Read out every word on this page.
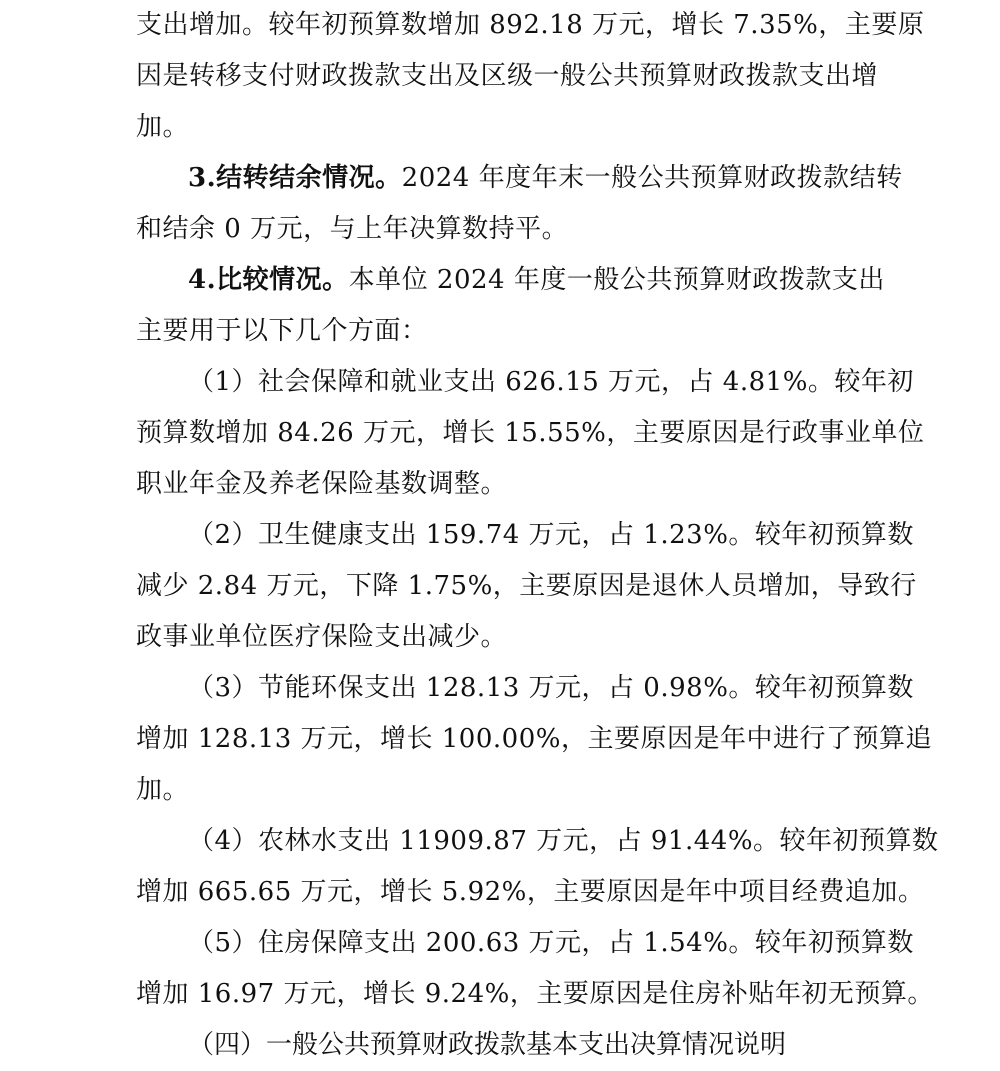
支出增加。较年初预算数增加 892.18 万元，增长 7.35%，主要原
因是转移支付财政拨款支出及区级一般公共预算财政拨款支出增
加。
3.结转结余情况。2024 年度年末一般公共预算财政拨款结转
和结余 0 万元，与上年决算数持平。
4.比较情况。本单位 2024 年度一般公共预算财政拨款支出
主要用于以下几个方面：
（1）社会保障和就业支出 626.15 万元，占 4.81%。较年初
预算数增加 84.26 万元，增长 15.55%，主要原因是行政事业单位
职业年金及养老保险基数调整。
（2）卫生健康支出 159.74 万元，占 1.23%。较年初预算数
减少 2.84 万元，下降 1.75%，主要原因是退休人员增加，导致行
政事业单位医疗保险支出减少。
（3）节能环保支出 128.13 万元，占 0.98%。较年初预算数
增加 128.13 万元，增长 100.00%，主要原因是年中进行了预算追
加。
（4）农林水支出 11909.87 万元，占 91.44%。较年初预算数
增加 665.65 万元，增长 5.92%，主要原因是年中项目经费追加。
（5）住房保障支出 200.63 万元，占 1.54%。较年初预算数
增加 16.97 万元，增长 9.24%，主要原因是住房补贴年初无预算。
（四）一般公共预算财政拨款基本支出决算情况说明
